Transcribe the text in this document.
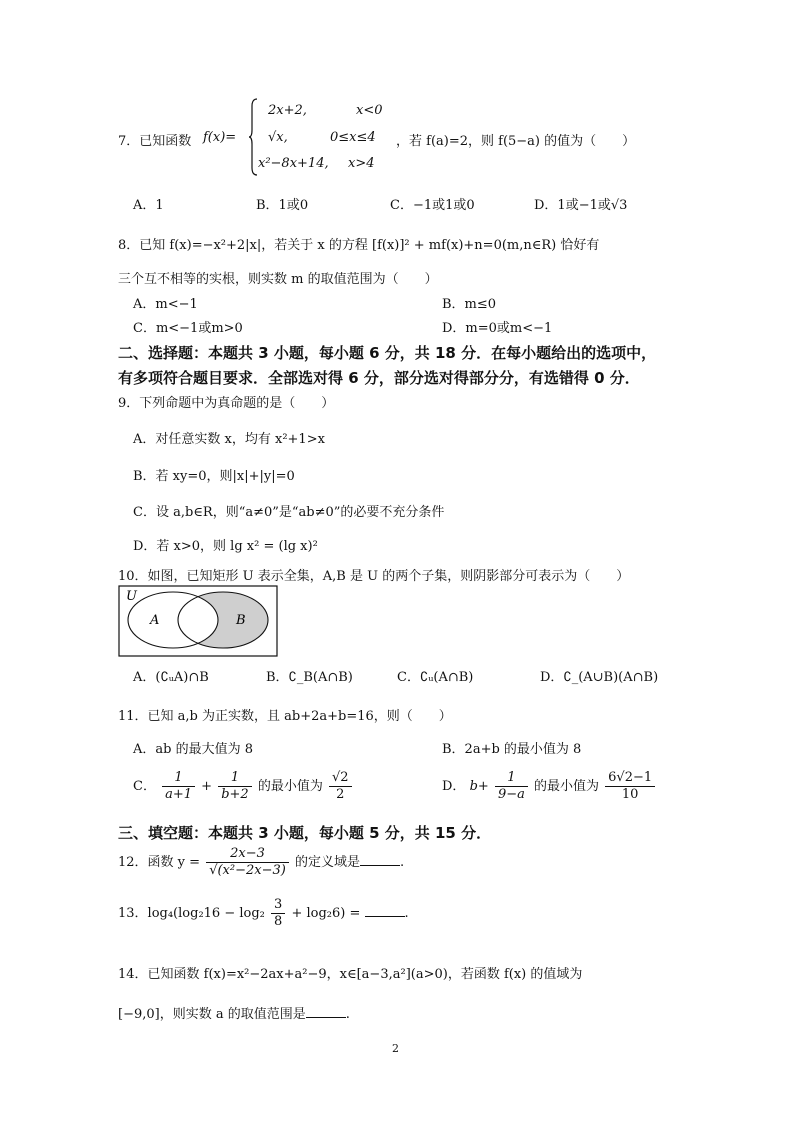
7．已知函数 f(x)=
2x+2,	x<0
√x,	0≤x≤4
x²−8x+14, x>4
，若 f(a)=2，则 f(5−a) 的值为（　　）
A．1	B．1或0	C．−1或1或0	D．1或−1或√3
8．已知 f(x)=−x²+2|x|，若关于 x 的方程 [f(x)]² + mf(x)+n=0(m,n∈R) 恰好有
三个互不相等的实根，则实数 m 的取值范围为（　　）
A．m<−1	B．m≤0
C．m<−1或m>0	D．m=0或m<−1
二、选择题：本题共 3 小题，每小题 6 分，共 18 分．在每小题给出的选项中，
有多项符合题目要求．全部选对得 6 分，部分选对得部分分，有选错得 0 分．
9．下列命题中为真命题的是（　　）
A．对任意实数 x，均有 x²+1>x
B．若 xy=0，则|x|+|y|=0
C．设 a,b∈R，则“a≠0”是“ab≠0”的必要不充分条件
D．若 x>0，则 lg x² = (lg x)²
10．如图，已知矩形 U 表示全集，A,B 是 U 的两个子集，则阴影部分可表示为（　　）
U
A	B
A．(∁ᵤA)∩B	B．∁_B(A∩B)	C．∁ᵤ(A∩B)	D．∁_(A∪B)(A∩B)
11．已知 a,b 为正实数，且 ab+2a+b=16，则（　　）
A．ab 的最大值为 8	B．2a+b 的最小值为 8
C． $\frac{1}{a+1} + \frac{1}{b+2}$ 的最小值为 $\frac{√2}{2}$	D． $b+ \frac{1}{9-a}$ 的最小值为 $\frac{6√2-1}{10}$
三、填空题：本题共 3 小题，每小题 5 分，共 15 分．
12．函数 $y = \frac{2x-3}{\text{√(x²−2x−3)}}$ 的定义域是	.
13．$\log_4(\log_216 - \log_2 \frac{3}{8} + \log_26)$ =	.
14．已知函数 f(x)=x²−2ax+a²−9，x∈[a−3,a²](a>0)，若函数 f(x) 的值域为
[−9,0]，则实数 a 的取值范围是	.
2
